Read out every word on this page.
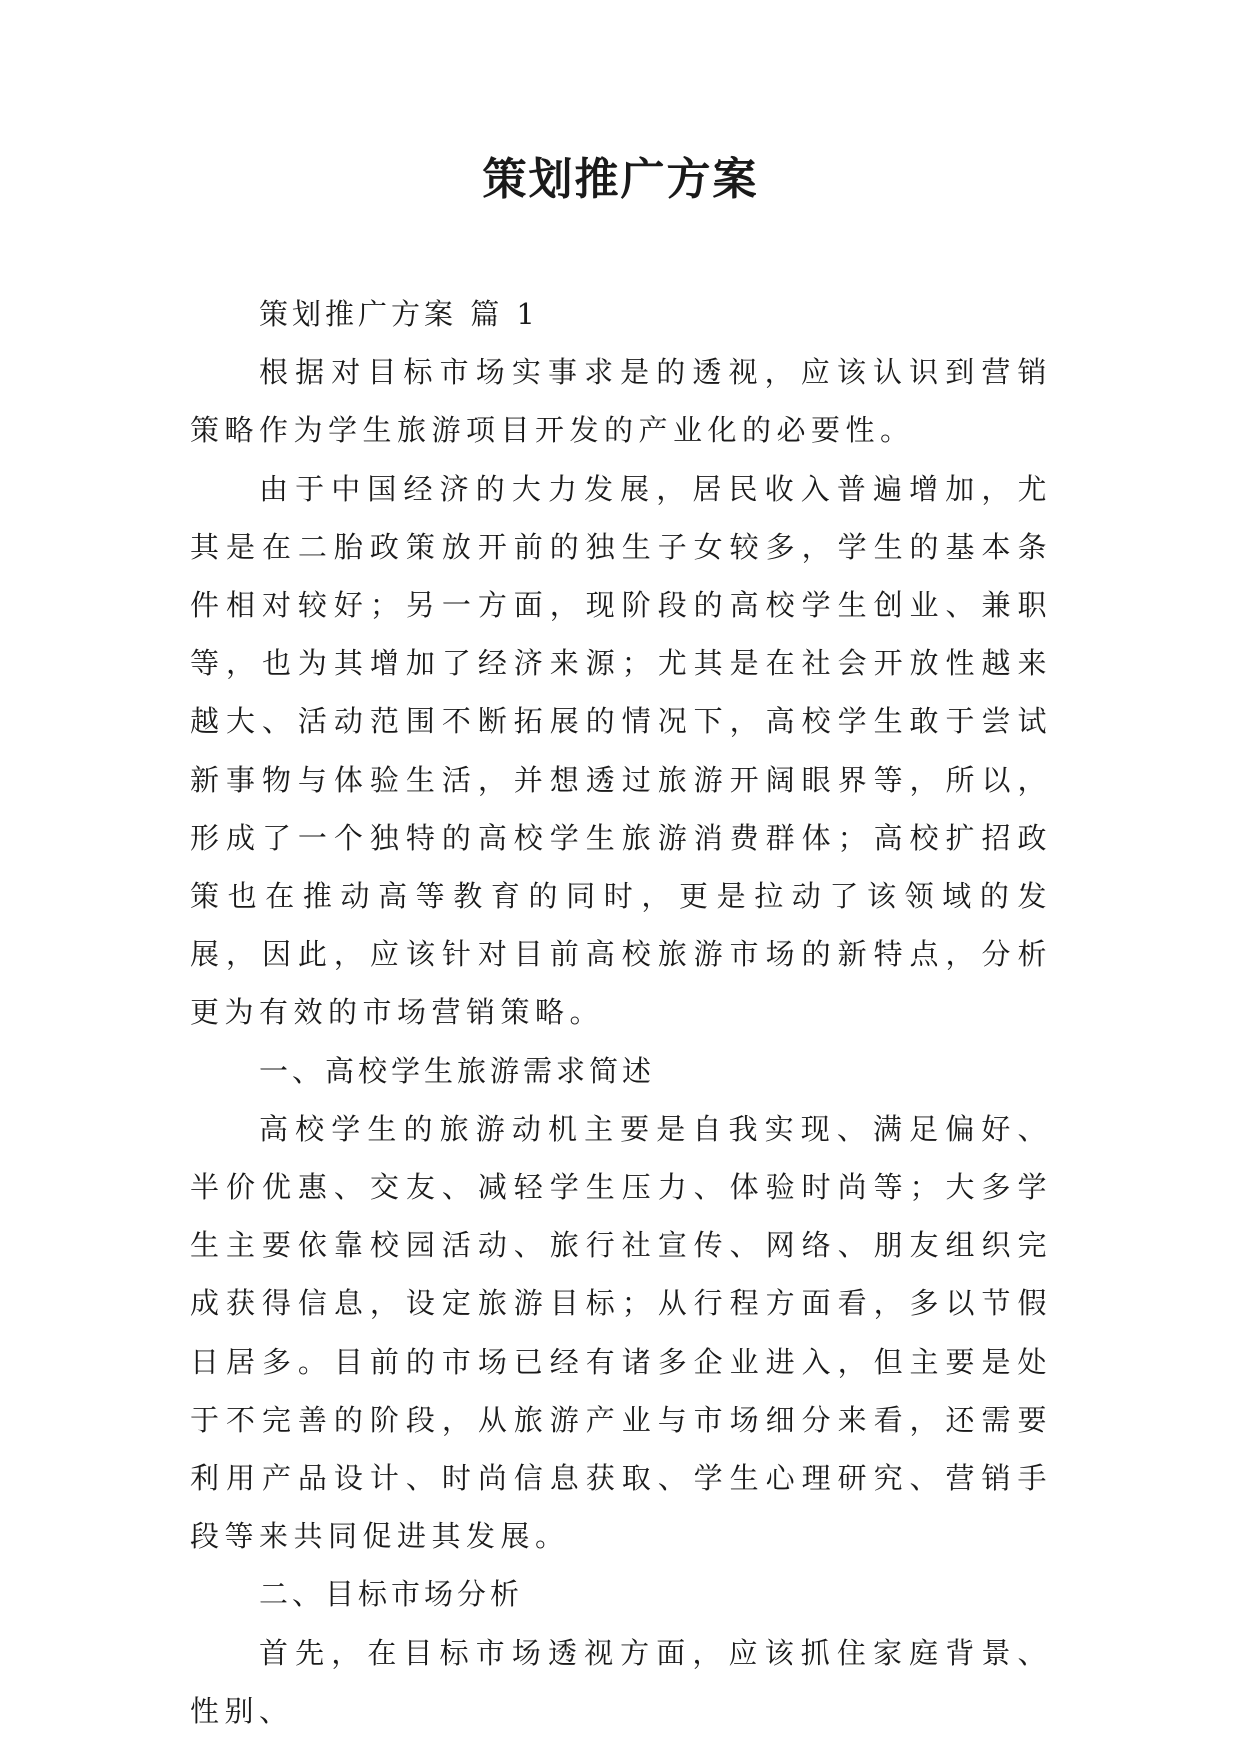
策划推广方案

策划推广方案 篇 1

根据对目标市场实事求是的透视，应该认识到营销策略作为学生旅游项目开发的产业化的必要性。

由于中国经济的大力发展，居民收入普遍增加，尤其是在二胎政策放开前的独生子女较多，学生的基本条件相对较好；另一方面，现阶段的高校学生创业、兼职等，也为其增加了经济来源；尤其是在社会开放性越来越大、活动范围不断拓展的情况下，高校学生敢于尝试新事物与体验生活，并想透过旅游开阔眼界等，所以，形成了一个独特的高校学生旅游消费群体；高校扩招政策也在推动高等教育的同时，更是拉动了该领域的发展，因此，应该针对目前高校旅游市场的新特点，分析更为有效的市场营销策略。

一、高校学生旅游需求简述

高校学生的旅游动机主要是自我实现、满足偏好、半价优惠、交友、减轻学生压力、体验时尚等；大多学生主要依靠校园活动、旅行社宣传、网络、朋友组织完成获得信息，设定旅游目标；从行程方面看，多以节假日居多。目前的市场已经有诸多企业进入，但主要是处于不完善的阶段，从旅游产业与市场细分来看，还需要利用产品设计、时尚信息获取、学生心理研究、营销手段等来共同促进其发展。

二、目标市场分析

首先，在目标市场透视方面，应该抓住家庭背景、性别、
